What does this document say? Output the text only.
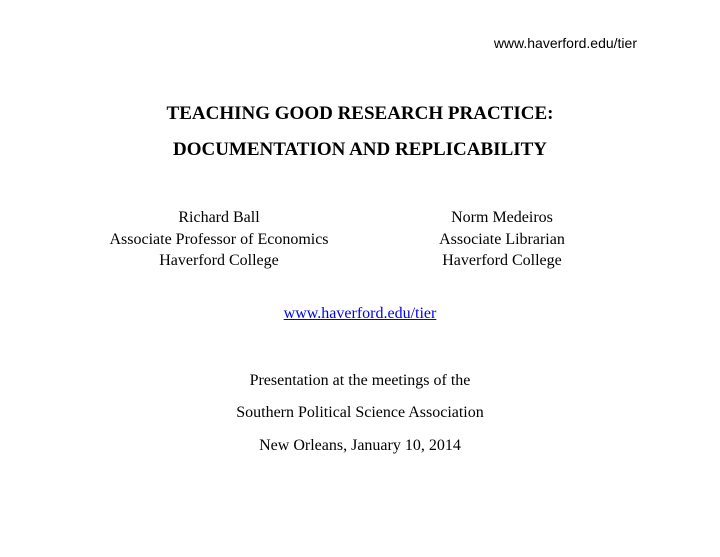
www.haverford.edu/tier
TEACHING GOOD RESEARCH PRACTICE:
DOCUMENTATION AND REPLICABILITY
Richard Ball
Associate Professor of Economics
Haverford College
Norm Medeiros
Associate Librarian
Haverford College
www.haverford.edu/tier
Presentation at the meetings of the
Southern Political Science Association
New Orleans, January 10, 2014
